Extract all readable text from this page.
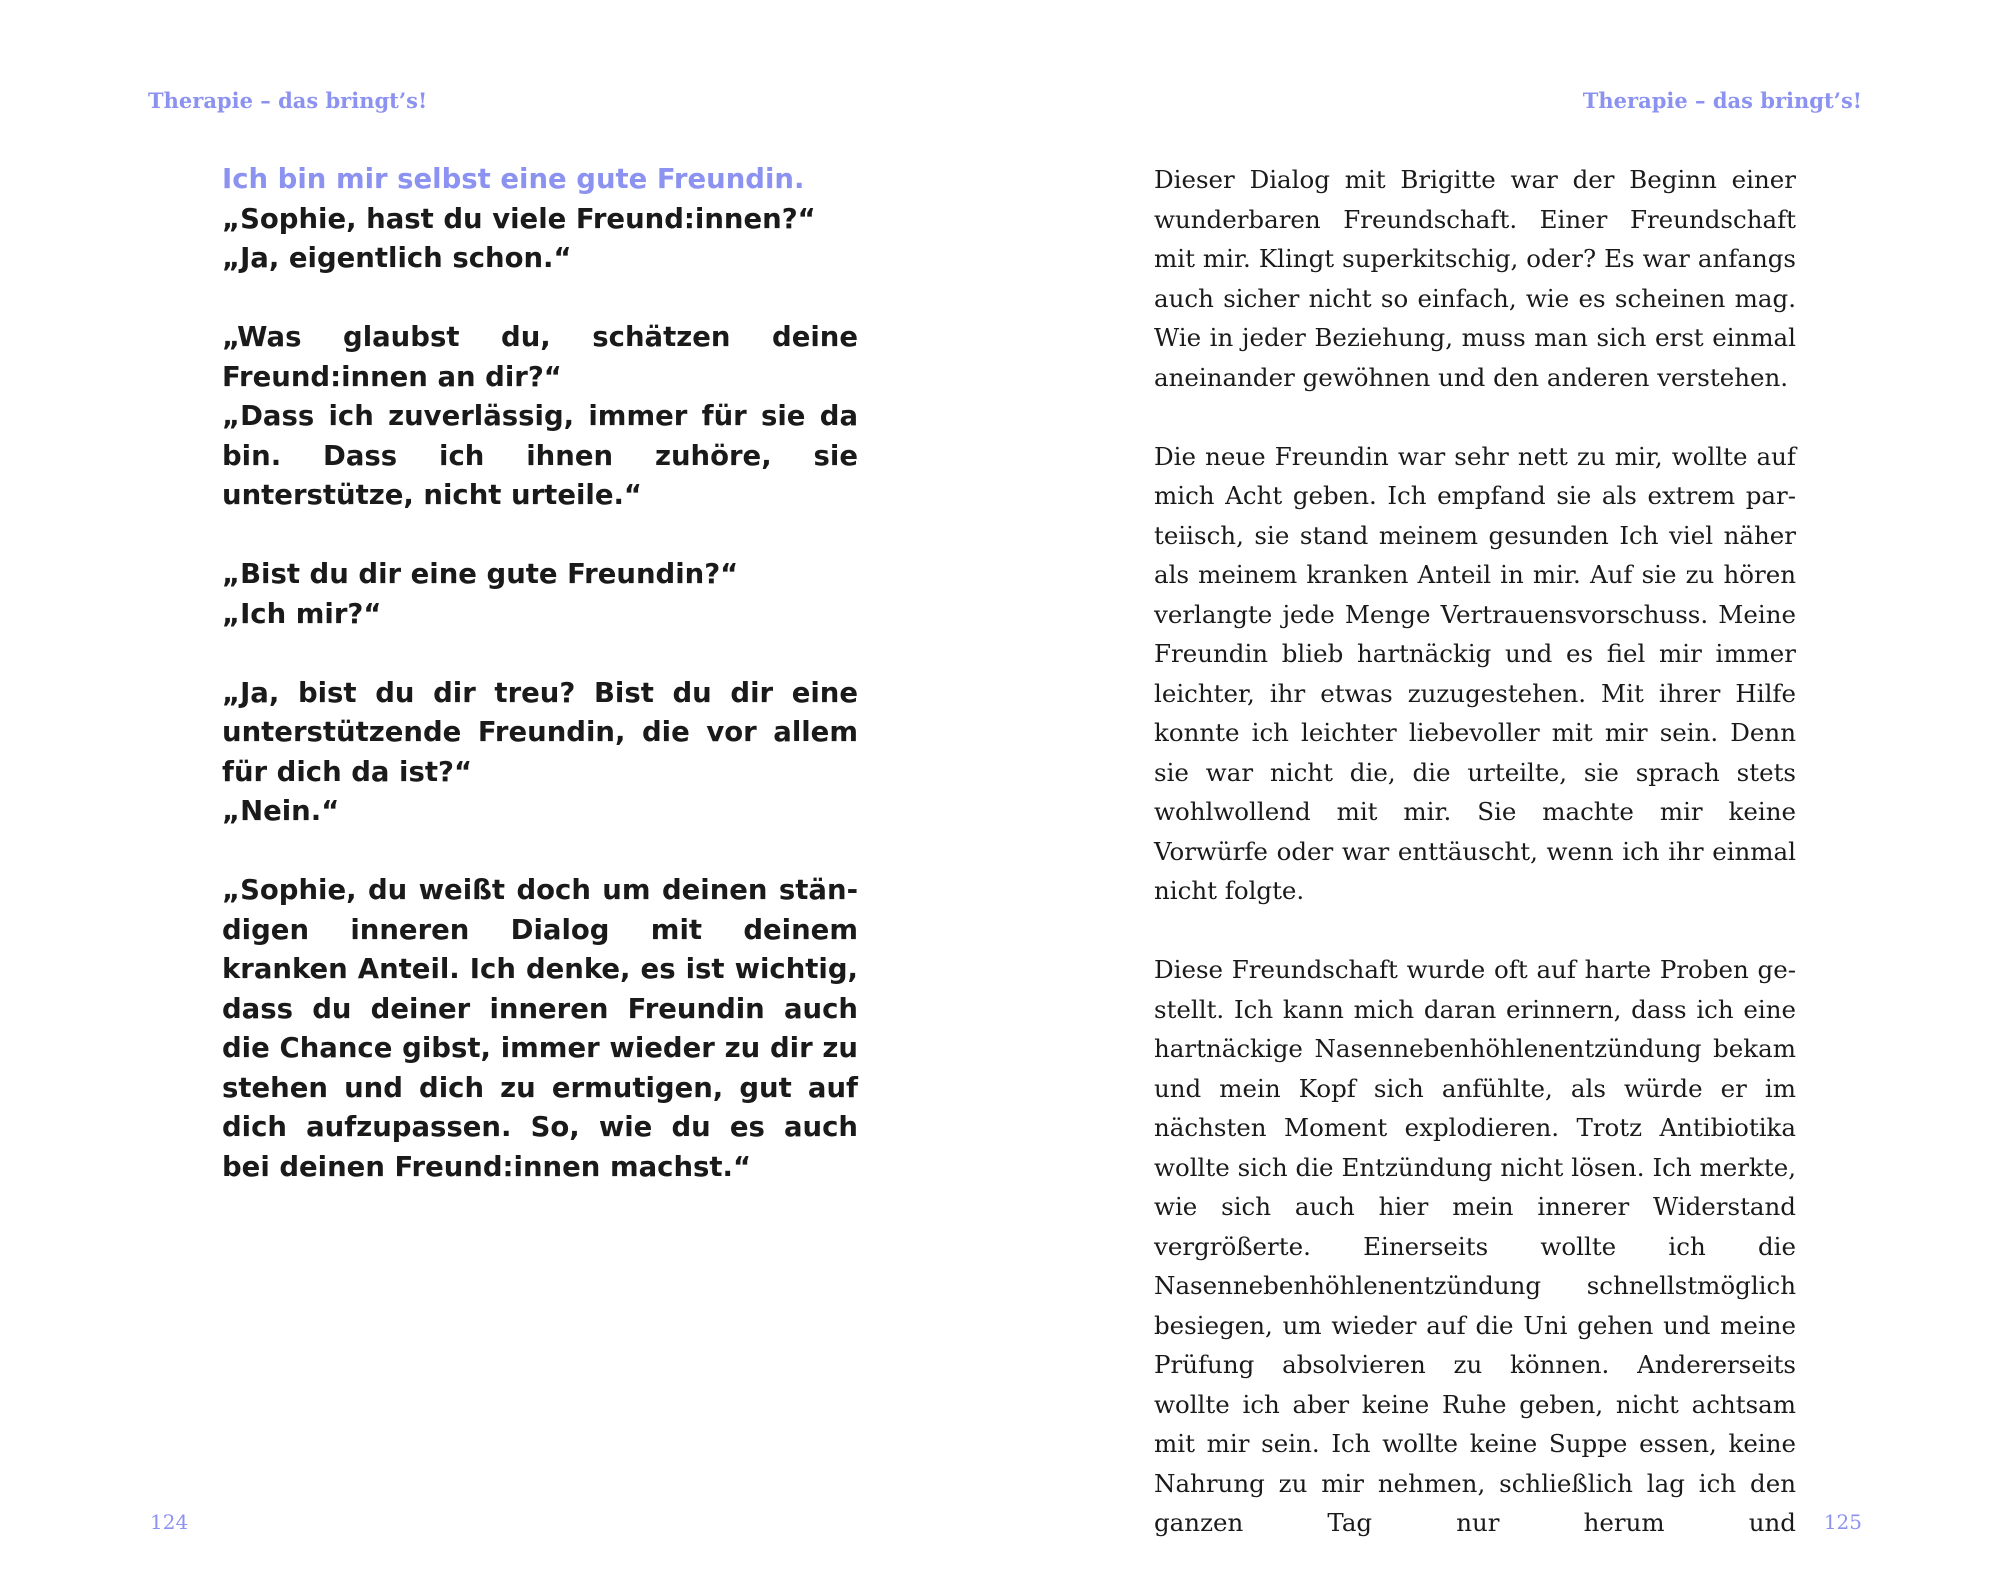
Therapie – das bringt’s!

Ich bin mir selbst eine gute Freundin.

„Sophie, hast du viele Freund:innen?“

„Ja, eigentlich schon.“

„Was glaubst du, schätzen deine Freund:innen an dir?“

„Dass ich zuverlässig, immer für sie da bin. Dass ich ihnen zuhöre, sie unterstütze, nicht urteile.“

„Bist du dir eine gute Freundin?“

„Ich mir?“

„Ja, bist du dir treu? Bist du dir eine unterstützende Freundin, die vor allem für dich da ist?“

„Nein.“

„Sophie, du weißt doch um deinen ständigen inneren Dialog mit deinem kranken Anteil. Ich denke, es ist wichtig, dass du deiner inneren Freundin auch die Chance gibst, immer wieder zu dir zu stehen und dich zu ermutigen, gut auf dich aufzupassen. So, wie du es auch bei deinen Freund:innen machst.“

124
Therapie – das bringt’s!

Dieser Dialog mit Brigitte war der Beginn einer wunderbaren Freundschaft. Einer Freundschaft mit mir. Klingt superkitschig, oder? Es war anfangs auch sicher nicht so einfach, wie es scheinen mag. Wie in jeder Beziehung, muss man sich erst einmal aneinander gewöhnen und den anderen verstehen.

Die neue Freundin war sehr nett zu mir, wollte auf mich Acht geben. Ich empfand sie als extrem parteiisch, sie stand meinem gesunden Ich viel näher als meinem kranken Anteil in mir. Auf sie zu hören verlangte jede Menge Vertrauensvorschuss. Meine Freundin blieb hartnäckig und es fiel mir immer leichter, ihr etwas zuzugestehen. Mit ihrer Hilfe konnte ich leichter liebevoller mit mir sein. Denn sie war nicht die, die urteilte, sie sprach stets wohlwollend mit mir. Sie machte mir keine Vorwürfe oder war enttäuscht, wenn ich ihr einmal nicht folgte.

Diese Freundschaft wurde oft auf harte Proben gestellt. Ich kann mich daran erinnern, dass ich eine hartnäckige Nasennebenhöhlenentzündung bekam und mein Kopf sich anfühlte, als würde er im nächsten Moment explodieren. Trotz Antibiotika wollte sich die Entzündung nicht lösen. Ich merkte, wie sich auch hier mein innerer Widerstand vergrößerte. Einerseits wollte ich die Nasennebenhöhlenentzündung schnellstmöglich besiegen, um wieder auf die Uni gehen und meine Prüfung absolvieren zu können. Andererseits wollte ich aber keine Ruhe geben, nicht achtsam mit mir sein. Ich wollte keine Suppe essen, keine Nahrung zu mir nehmen, schließlich lag ich den ganzen Tag nur herum und 125
